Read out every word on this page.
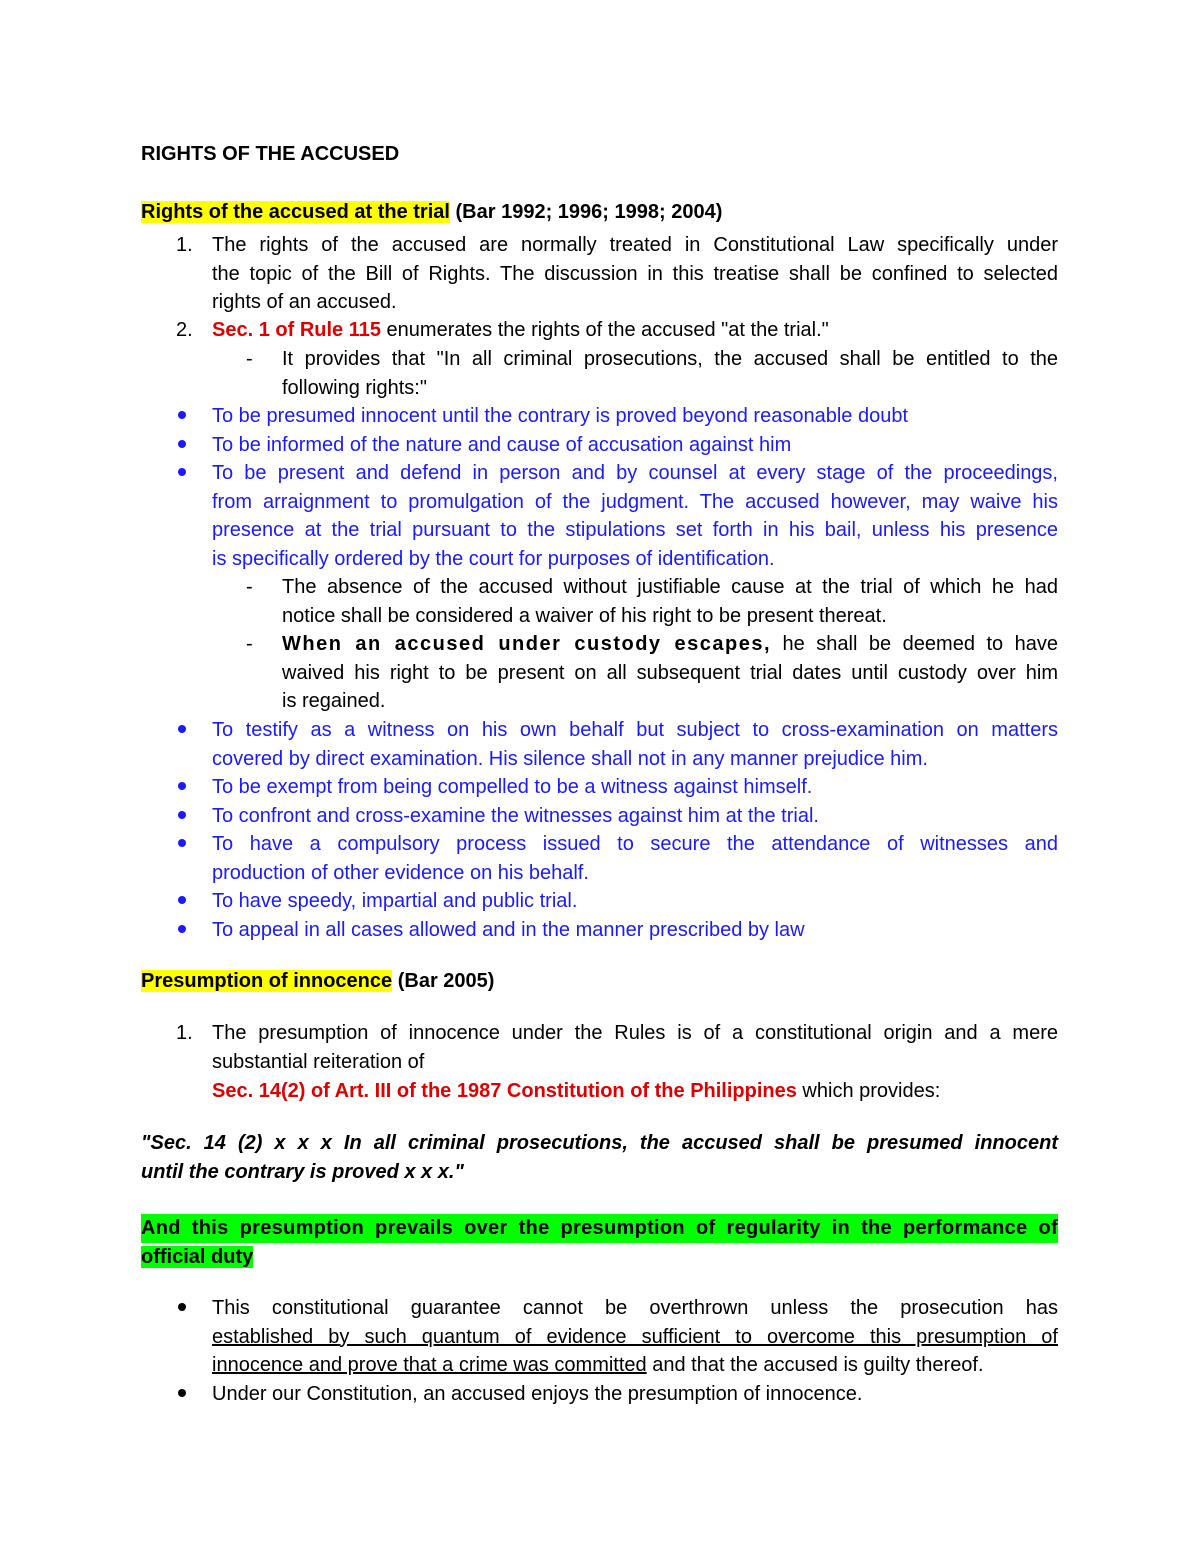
RIGHTS OF THE ACCUSED
Rights of the accused at the trial (Bar 1992; 1996; 1998; 2004)
1. The rights of the accused are normally treated in Constitutional Law specifically under
the topic of the Bill of Rights. The discussion in this treatise shall be confined to selected
rights of an accused.
2. Sec. 1 of Rule 115 enumerates the rights of the accused "at the trial."
- It provides that "In all criminal prosecutions, the accused shall be entitled to the
following rights:"
To be presumed innocent until the contrary is proved beyond reasonable doubt
To be informed of the nature and cause of accusation against him
To be present and defend in person and by counsel at every stage of the proceedings,
from arraignment to promulgation of the judgment. The accused however, may waive his
presence at the trial pursuant to the stipulations set forth in his bail, unless his presence
is specifically ordered by the court for purposes of identification.
- The absence of the accused without justifiable cause at the trial of which he had
notice shall be considered a waiver of his right to be present thereat.
- When an accused under custody escapes, he shall be deemed to have
waived his right to be present on all subsequent trial dates until custody over him
is regained.
To testify as a witness on his own behalf but subject to cross-examination on matters
covered by direct examination. His silence shall not in any manner prejudice him.
To be exempt from being compelled to be a witness against himself.
To confront and cross-examine the witnesses against him at the trial.
To have a compulsory process issued to secure the attendance of witnesses and
production of other evidence on his behalf.
To have speedy, impartial and public trial.
To appeal in all cases allowed and in the manner prescribed by law
Presumption of innocence (Bar 2005)
1. The presumption of innocence under the Rules is of a constitutional origin and a mere
substantial reiteration of
Sec. 14(2) of Art. III of the 1987 Constitution of the Philippines which provides:
"Sec. 14 (2) x x x In all criminal prosecutions, the accused shall be presumed innocent
until the contrary is proved x x x."
And this presumption prevails over the presumption of regularity in the performance of
official duty
This constitutional guarantee cannot be overthrown unless the prosecution has
established by such quantum of evidence sufficient to overcome this presumption of
innocence and prove that a crime was committed and that the accused is guilty thereof.
Under our Constitution, an accused enjoys the presumption of innocence.
